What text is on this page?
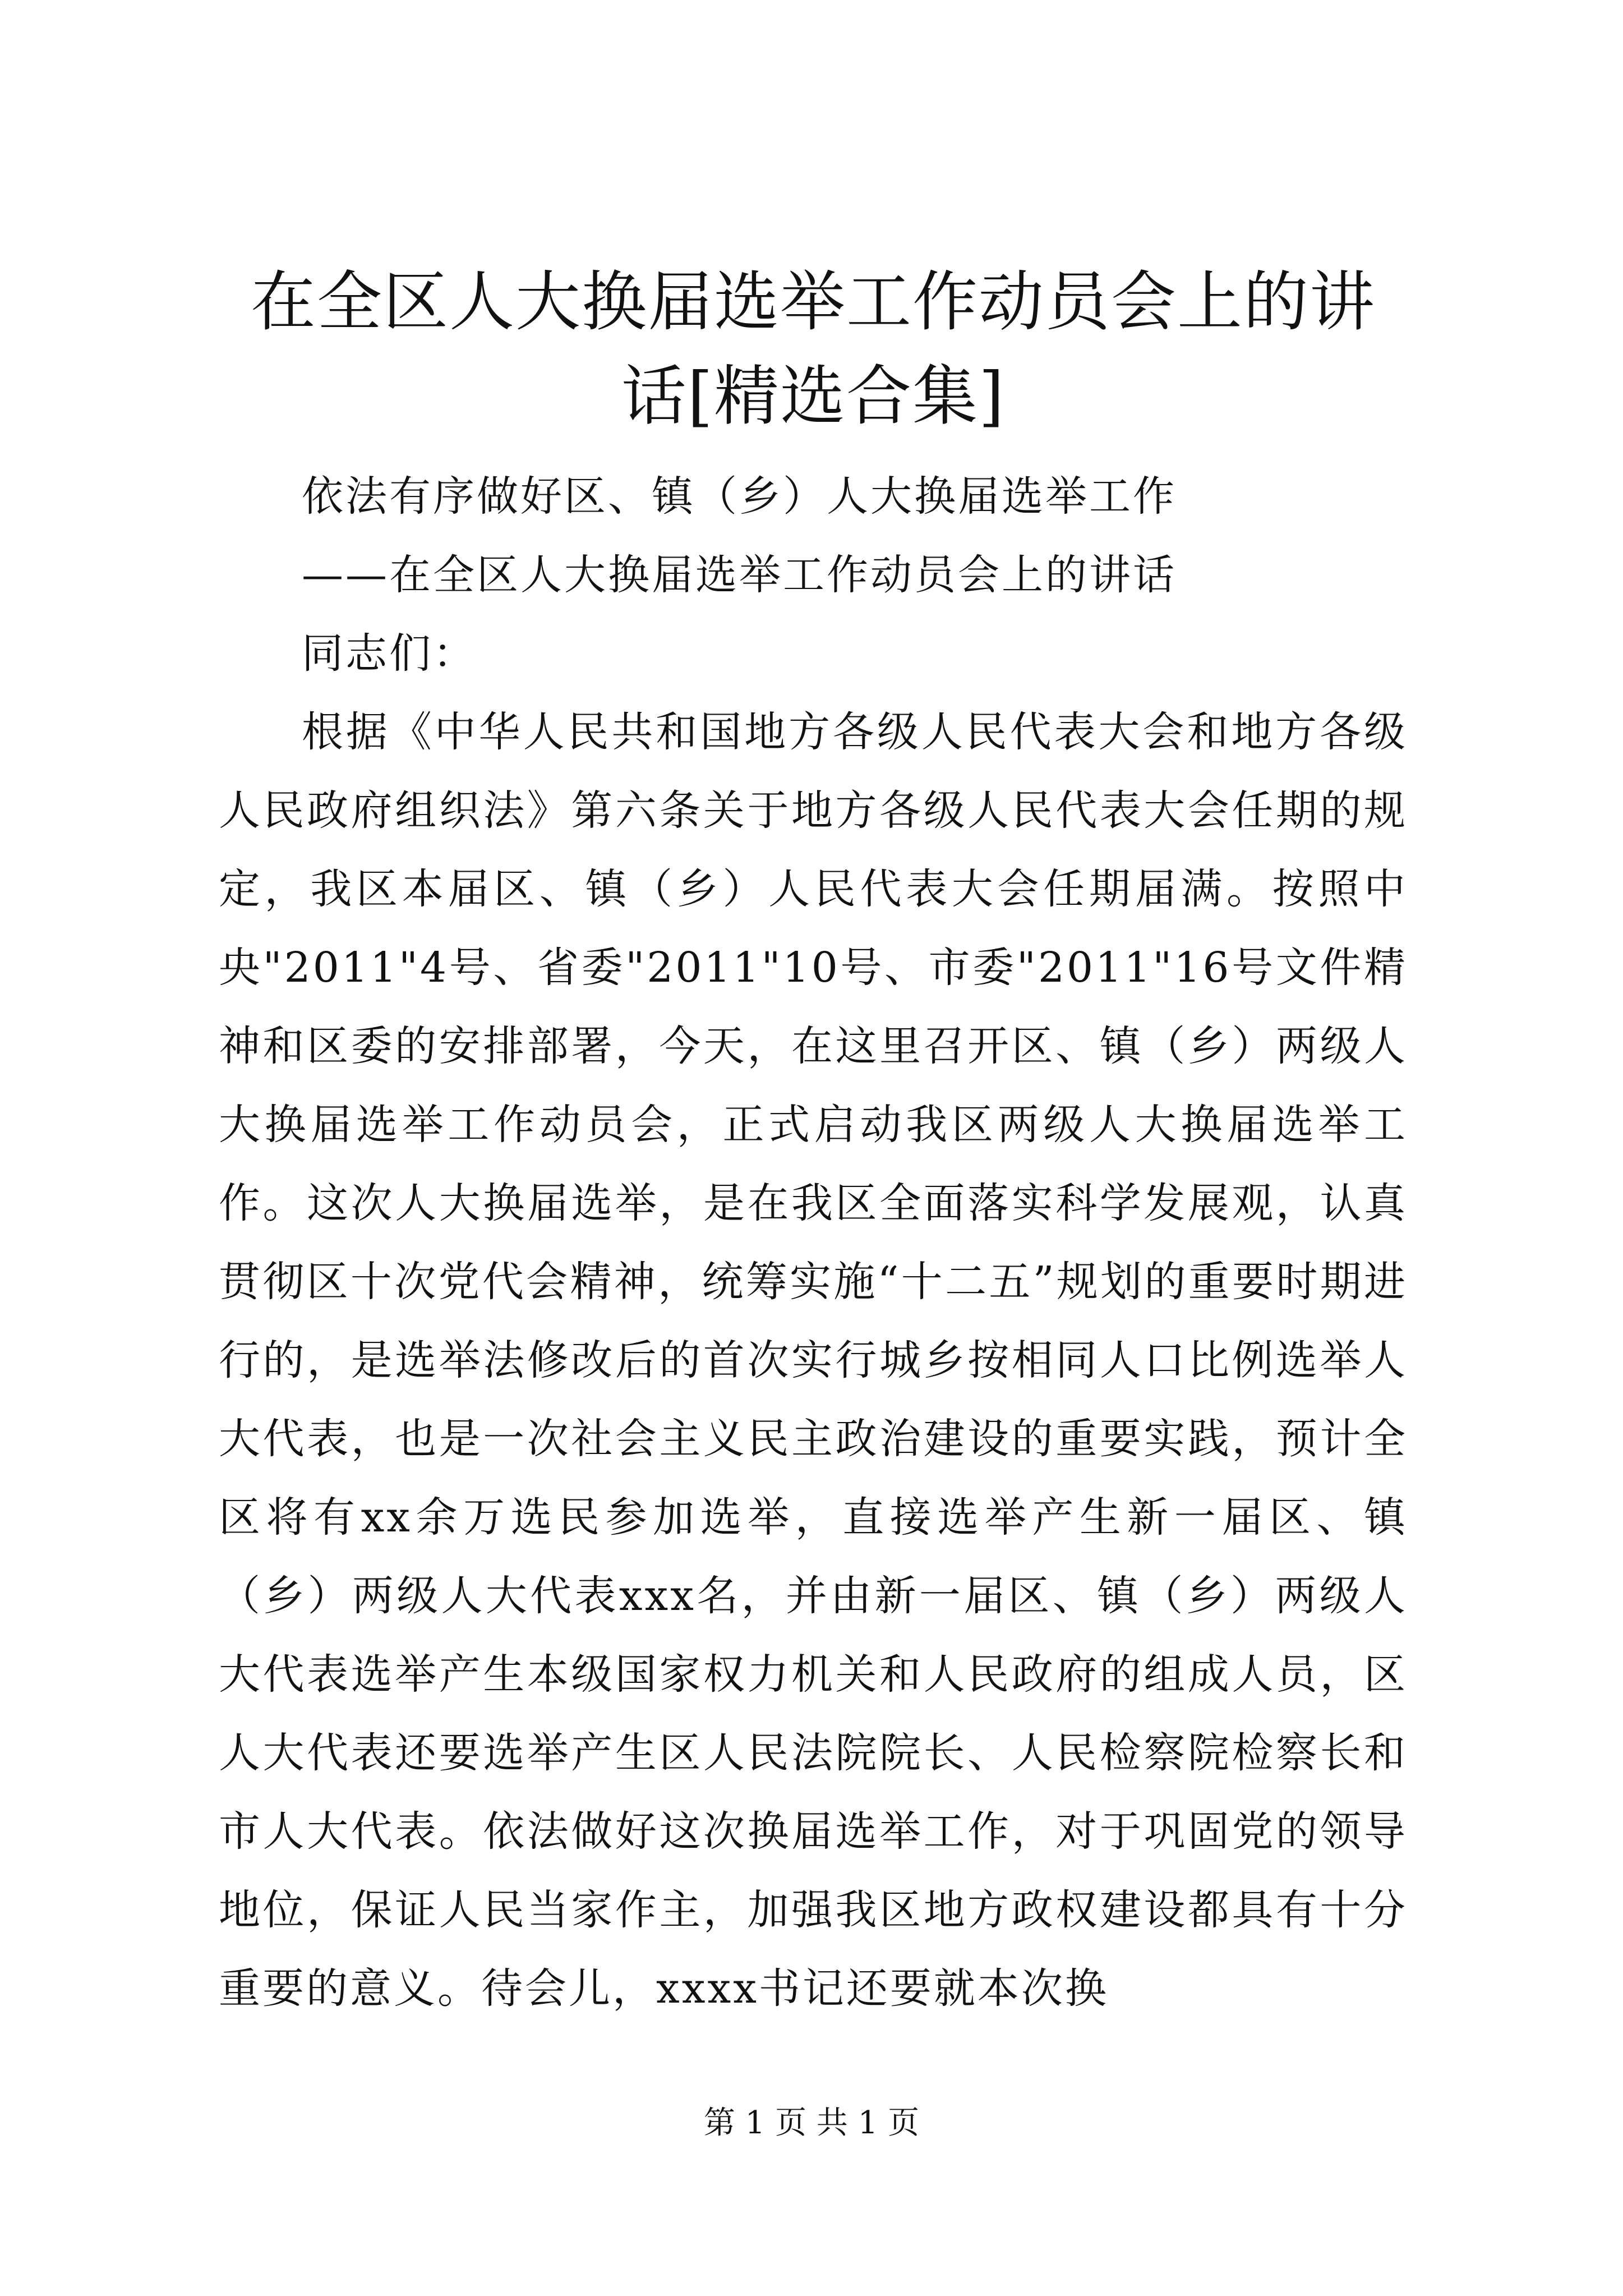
在全区人大换届选举工作动员会上的讲话[精选合集]

依法有序做好区、镇（乡）人大换届选举工作

——在全区人大换届选举工作动员会上的讲话

同志们：

根据《中华人民共和国地方各级人民代表大会和地方各级人民政府组织法》第六条关于地方各级人民代表大会任期的规定，我区本届区、镇（乡）人民代表大会任期届满。按照中央"2011"4号、省委"2011"10号、市委"2011"16号文件精神和区委的安排部署，今天，在这里召开区、镇（乡）两级人大换届选举工作动员会，正式启动我区两级人大换届选举工作。这次人大换届选举，是在我区全面落实科学发展观，认真贯彻区十次党代会精神，统筹实施“十二五”规划的重要时期进行的，是选举法修改后的首次实行城乡按相同人口比例选举人大代表，也是一次社会主义民主政治建设的重要实践，预计全区将有xx余万选民参加选举，直接选举产生新一届区、镇（乡）两级人大代表xxx名，并由新一届区、镇（乡）两级人大代表选举产生本级国家权力机关和人民政府的组成人员，区人大代表还要选举产生区人民法院院长、人民检察院检察长和市人大代表。依法做好这次换届选举工作，对于巩固党的领导地位，保证人民当家作主，加强我区地方政权建设都具有十分重要的意义。待会儿，xxxx书记还要就本次换

第 1 页 共 1 页
